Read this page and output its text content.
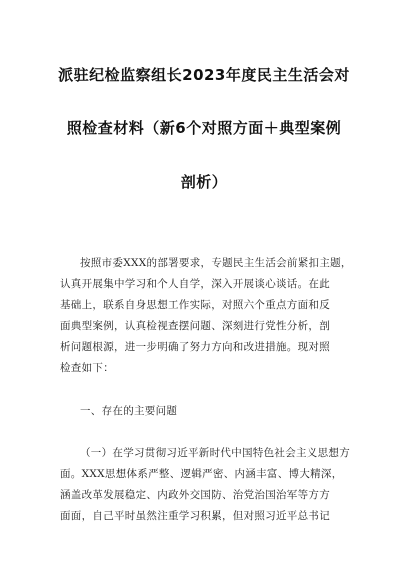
派驻纪检监察组长2023年度民主生活会对
照检查材料（新6个对照方面＋典型案例
剖析）
按照市委XXX的部署要求，专题民主生活会前紧扣主题，
认真开展集中学习和个人自学，深入开展谈心谈话。在此
基础上，联系自身思想工作实际，对照六个重点方面和反
面典型案例，认真检视查摆问题、深刻进行党性分析，剖
析问题根源，进一步明确了努力方向和改进措施。现对照
检查如下：
一、存在的主要问题
（一）在学习贯彻习近平新时代中国特色社会主义思想方
面。XXX思想体系严整、逻辑严密、内涵丰富、博大精深，
涵盖改革发展稳定、内政外交国防、治党治国治军等方方
面面，自己平时虽然注重学习积累，但对照习近平总书记
